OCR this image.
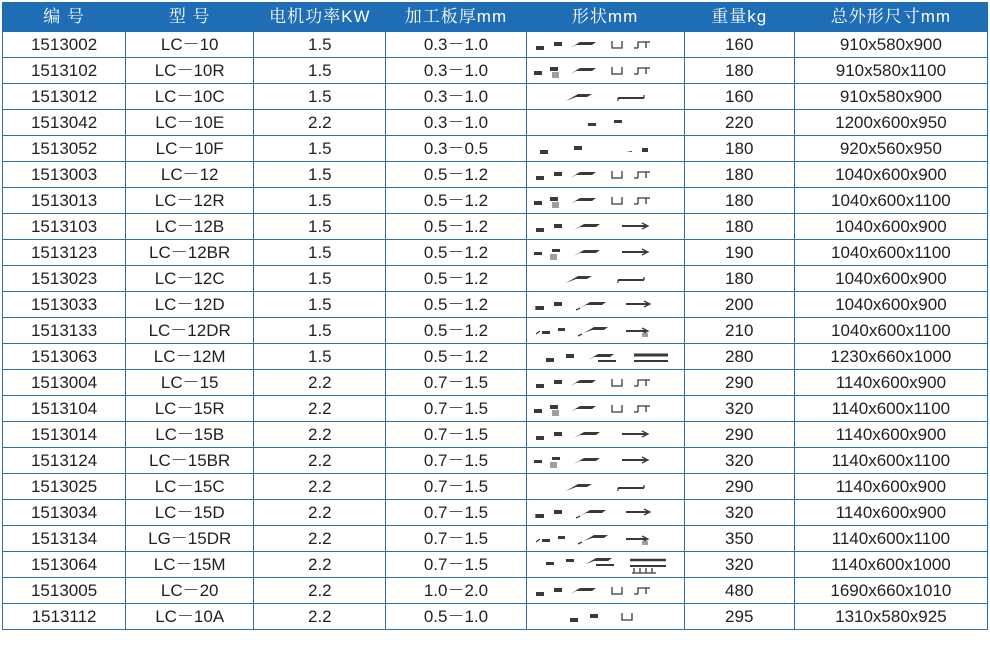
编 号	型 号	电机功率KW	加工板厚mm	形状mm	重量kg	总外形尺寸mm
1513002	LC－10	1.5	0.3－1.0		160	910x580x900
1513102	LC－10R	1.5	0.3－1.0		180	910x580x1100
1513012	LC－10C	1.5	0.3－1.0		160	910x580x900
1513042	LC－10E	2.2	0.3－1.0		220	1200x600x950
1513052	LC－10F	1.5	0.3－0.5		180	920x560x950
1513003	LC－12	1.5	0.5－1.2		180	1040x600x900
1513013	LC－12R	1.5	0.5－1.2		180	1040x600x1100
1513103	LC－12B	1.5	0.5－1.2		180	1040x600x900
1513123	LC－12BR	1.5	0.5－1.2		190	1040x600x1100
1513023	LC－12C	1.5	0.5－1.2		180	1040x600x900
1513033	LC－12D	1.5	0.5－1.2		200	1040x600x900
1513133	LC－12DR	1.5	0.5－1.2		210	1040x600x1100
1513063	LC－12M	1.5	0.5－1.2		280	1230x660x1000
1513004	LC－15	2.2	0.7－1.5		290	1140x600x900
1513104	LC－15R	2.2	0.7－1.5		320	1140x600x1100
1513014	LC－15B	2.2	0.7－1.5		290	1140x600x900
1513124	LC－15BR	2.2	0.7－1.5		320	1140x600x1100
1513025	LC－15C	2.2	0.7－1.5		290	1140x600x900
1513034	LC－15D	2.2	0.7－1.5		320	1140x600x900
1513134	LG－15DR	2.2	0.7－1.5		350	1140x600x1100
1513064	LC－15M	2.2	0.7－1.5		320	1140x600x1000
1513005	LC－20	2.2	1.0－2.0		480	1690x660x1010
1513112	LC－10A	2.2	0.5－1.0		295	1310x580x925
